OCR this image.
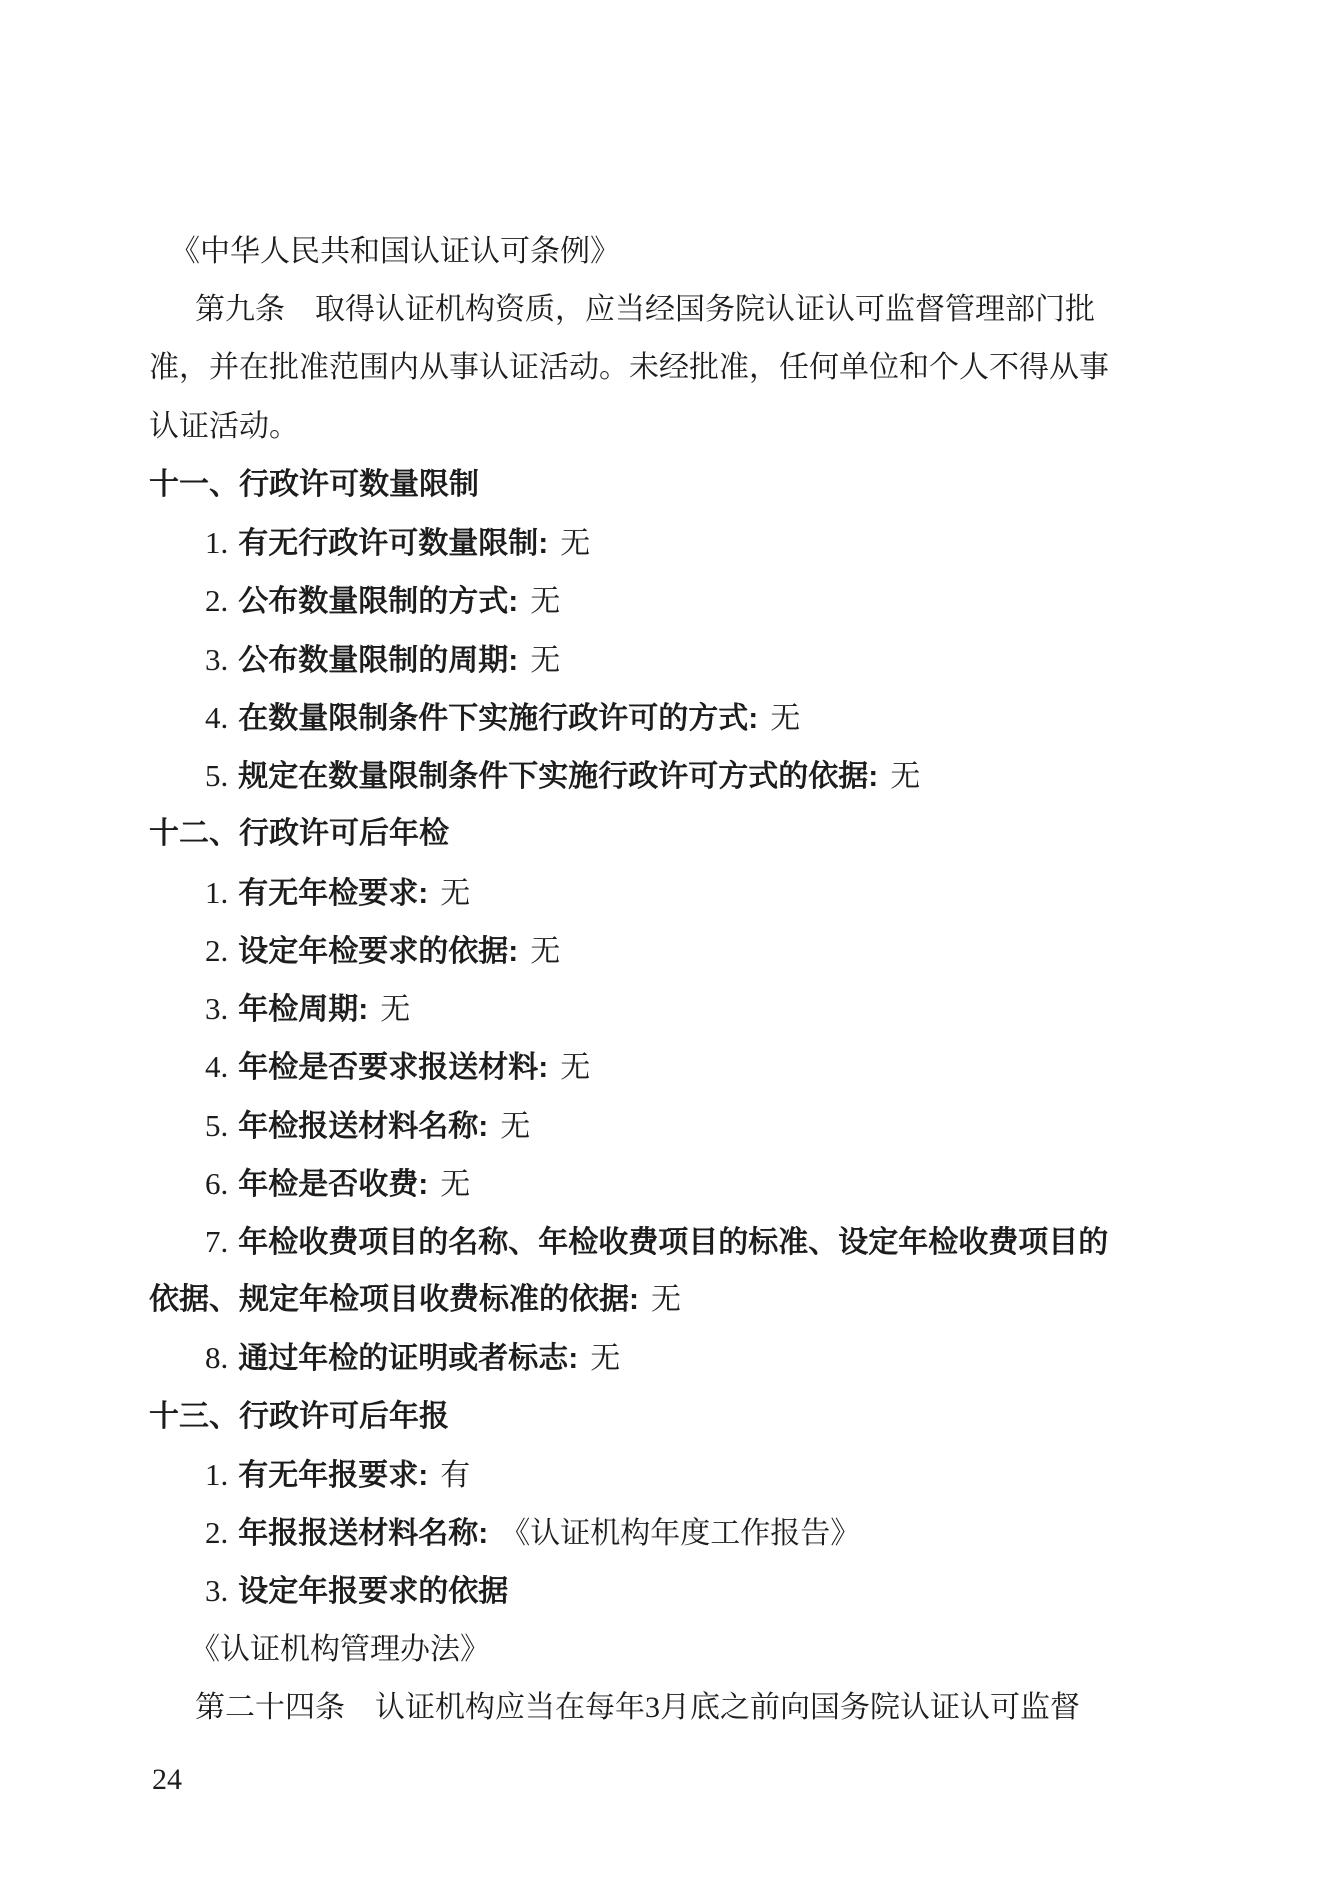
《中华人民共和国认证认可条例》
第九条　取得认证机构资质，应当经国务院认证认可监督管理部门批
准，并在批准范围内从事认证活动。未经批准，任何单位和个人不得从事
认证活动。
十一、行政许可数量限制
1. 有无行政许可数量限制: 无
2. 公布数量限制的方式: 无
3. 公布数量限制的周期: 无
4. 在数量限制条件下实施行政许可的方式: 无
5. 规定在数量限制条件下实施行政许可方式的依据: 无
十二、行政许可后年检
1. 有无年检要求: 无
2. 设定年检要求的依据: 无
3. 年检周期: 无
4. 年检是否要求报送材料: 无
5. 年检报送材料名称: 无
6. 年检是否收费: 无
7. 年检收费项目的名称、年检收费项目的标准、设定年检收费项目的
依据、规定年检项目收费标准的依据: 无
8. 通过年检的证明或者标志: 无
十三、行政许可后年报
1. 有无年报要求: 有
2. 年报报送材料名称: 《认证机构年度工作报告》
3. 设定年报要求的依据
《认证机构管理办法》
第二十四条　认证机构应当在每年3月底之前向国务院认证认可监督
24
